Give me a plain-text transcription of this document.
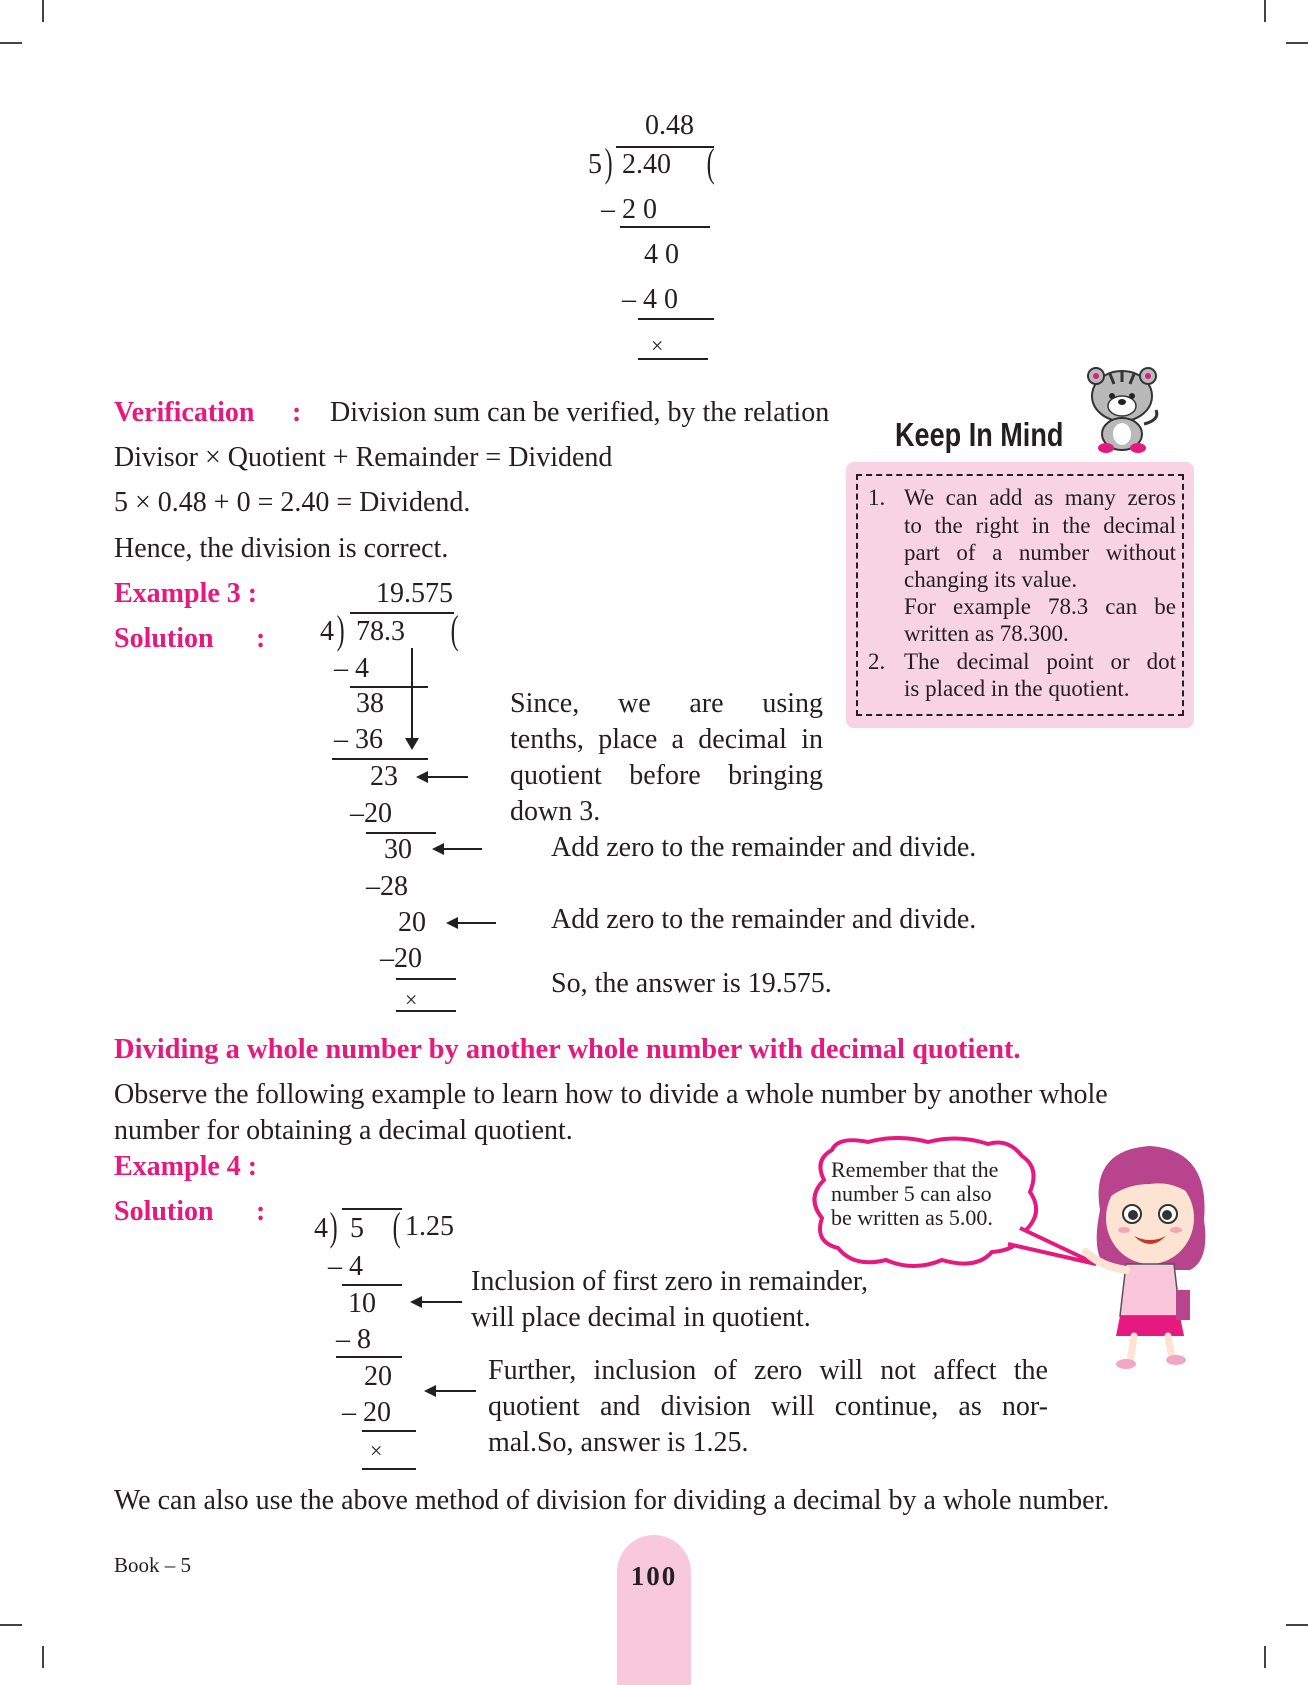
0.48
5 ) 2.40 (
– 2 0
4 0
– 4 0
×
Verification : Division sum can be verified, by the relation
Divisor × Quotient + Remainder = Dividend
5 × 0.48 + 0 = 2.40 = Dividend.
Hence, the division is correct.
Keep In Mind
1. We can add as many zeros
to the right in the decimal
part of a number without
changing its value.
For example 78.3 can be
written as 78.300.
2. The decimal point or dot
is placed in the quotient.
Example 3 :
Solution :
19.575
4 ) 78.3 (
– 4
38
– 36
23
–20
30
–28
20
–20
×
Since, we are using
tenths, place a decimal in
quotient before bringing
down 3.
Add zero to the remainder and divide.
Add zero to the remainder and divide.
So, the answer is 19.575.
Dividing a whole number by another whole number with decimal quotient.
Observe the following example to learn how to divide a whole number by another whole
number for obtaining a decimal quotient.
Example 4 :
Solution :
4 ) 5 ( 1.25
– 4
10
– 8
20
– 20
×
Inclusion of first zero in remainder,
will place decimal in quotient.
Further, inclusion of zero will not affect the
quotient and division will continue, as nor-
mal.So, answer is 1.25.
Remember that the
number 5 can also
be written as 5.00.
We can also use the above method of division for dividing a decimal by a whole number.
Book – 5	100
